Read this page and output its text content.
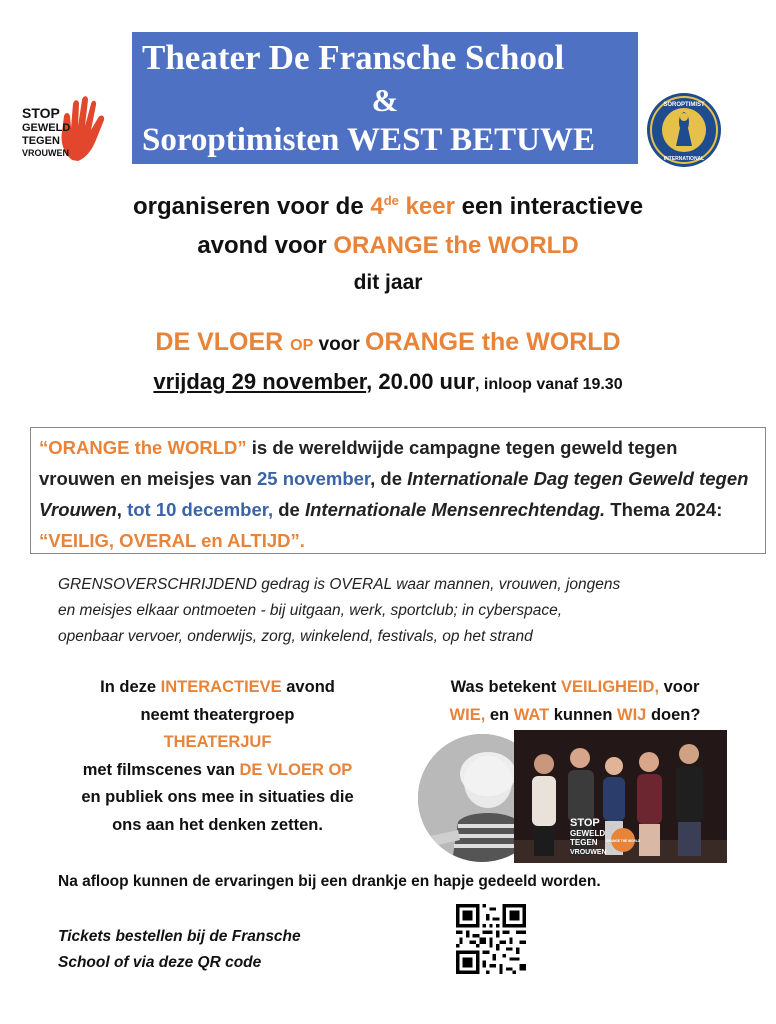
Theater De Fransche School
&
Soroptimisten WEST BETUWE
STOP
GEWELD
TEGEN
VROUWEN
SOROPTIMIST
INTERNATIONAL
organiseren voor de 4de keer een interactieve
avond voor ORANGE the WORLD
dit jaar
DE VLOER OP voor ORANGE the WORLD
vrijdag 29 november, 20.00 uur, inloop vanaf 19.30
“ORANGE the WORLD” is de wereldwijde campagne tegen geweld tegen vrouwen en meisjes van 25 november, de Internationale Dag tegen Geweld tegen Vrouwen, tot 10 december, de Internationale Mensenrechtendag. Thema 2024: “VEILIG, OVERAL en ALTIJD”.
GRENSOVERSCHRIJDEND gedrag is OVERAL waar mannen, vrouwen, jongens
en meisjes elkaar ontmoeten - bij uitgaan, werk, sportclub; in cyberspace,
openbaar vervoer, onderwijs, zorg, winkelend, festivals, op het strand
In deze INTERACTIEVE avond
neemt theatergroep
THEATERJUF
met filmscenes van DE VLOER OP
en publiek ons mee in situaties die
ons aan het denken zetten.
Was betekent VEILIGHEID, voor
WIE, en WAT kunnen WIJ doen?
STOP
GEWELD
TEGEN
VROUWEN
ORANGE THE WORLD
Na afloop kunnen de ervaringen bij een drankje en hapje gedeeld worden.
Tickets bestellen bij de Fransche
School of via deze QR code
